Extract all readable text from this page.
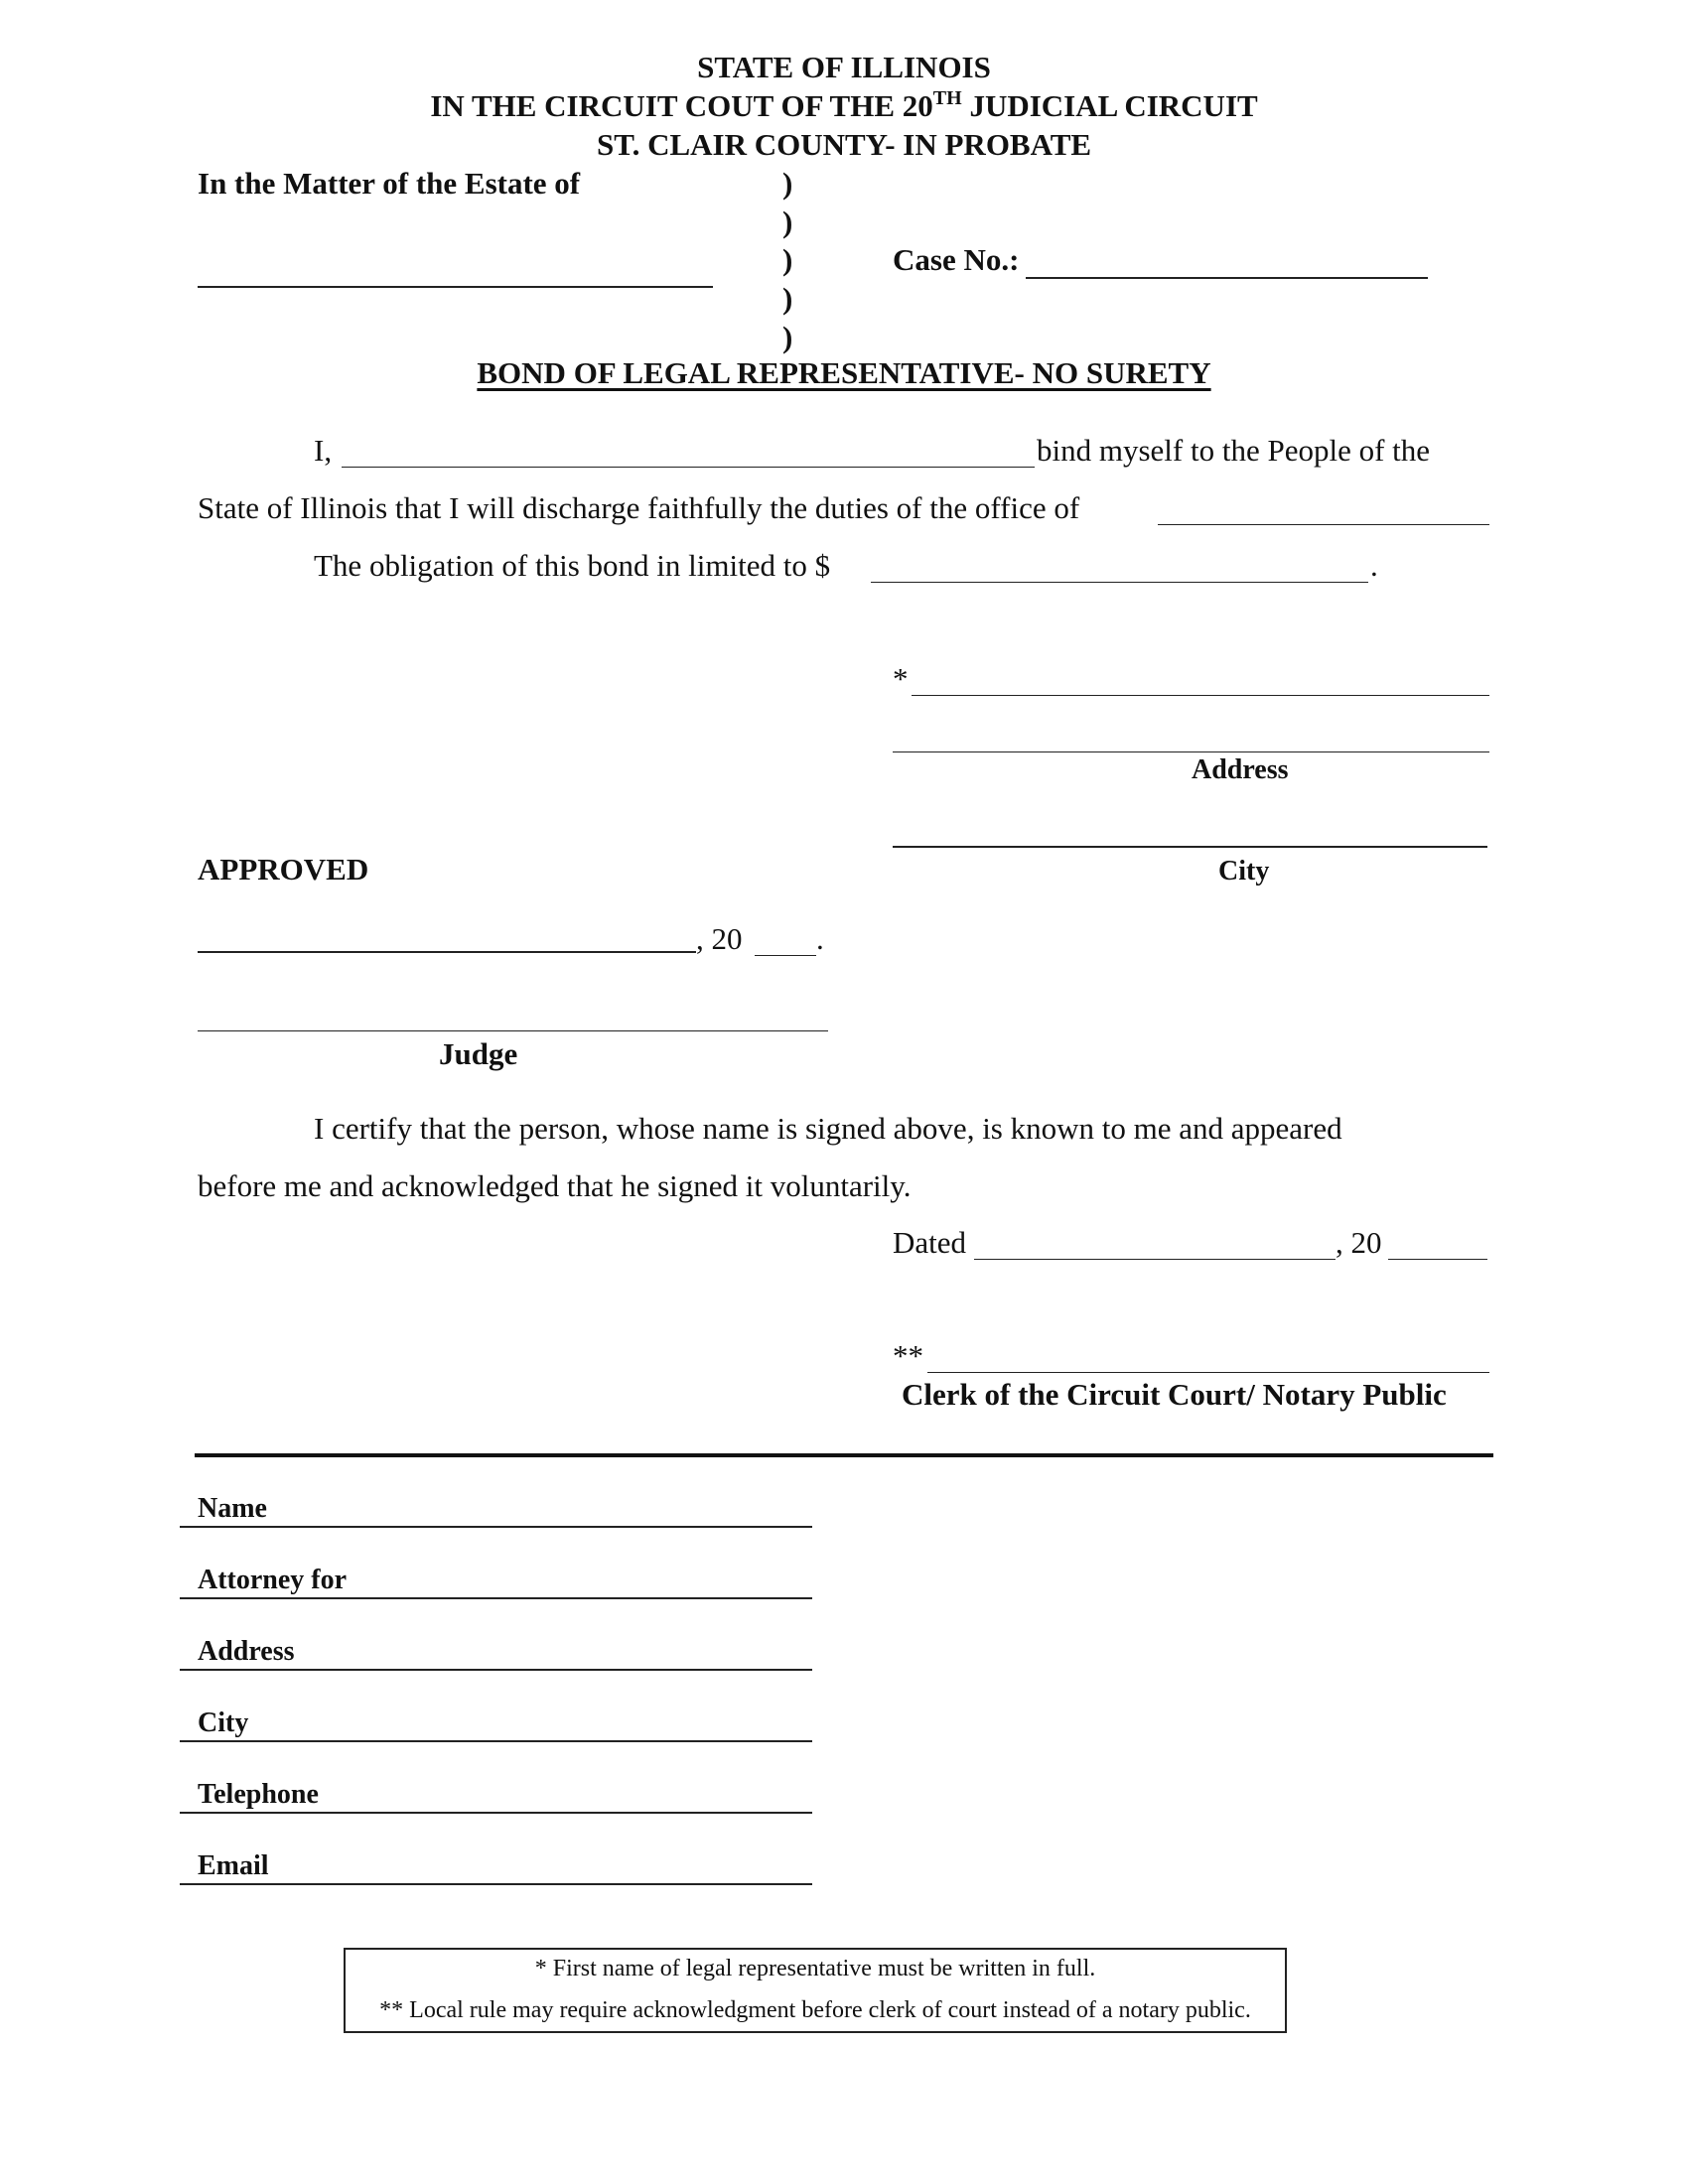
STATE OF ILLINOIS
IN THE CIRCUIT COUT OF THE 20TH JUDICIAL CIRCUIT
ST. CLAIR COUNTY- IN PROBATE
In the Matter of the Estate of	)
)
)
)
)
Case No.:
BOND OF LEGAL REPRESENTATIVE- NO SURETY
I,	bind myself to the People of the
State of Illinois that I will discharge faithfully the duties of the office of
The obligation of this bond in limited to $	.
*
Address
City
APPROVED
, 20 .
Judge
I certify that the person, whose name is signed above, is known to me and appeared
before me and acknowledged that he signed it voluntarily.
Dated	, 20
**
Clerk of the Circuit Court/ Notary Public
Name
Attorney for
Address
City
Telephone
Email
* First name of legal representative must be written in full.
** Local rule may require acknowledgment before clerk of court instead of a notary public.
